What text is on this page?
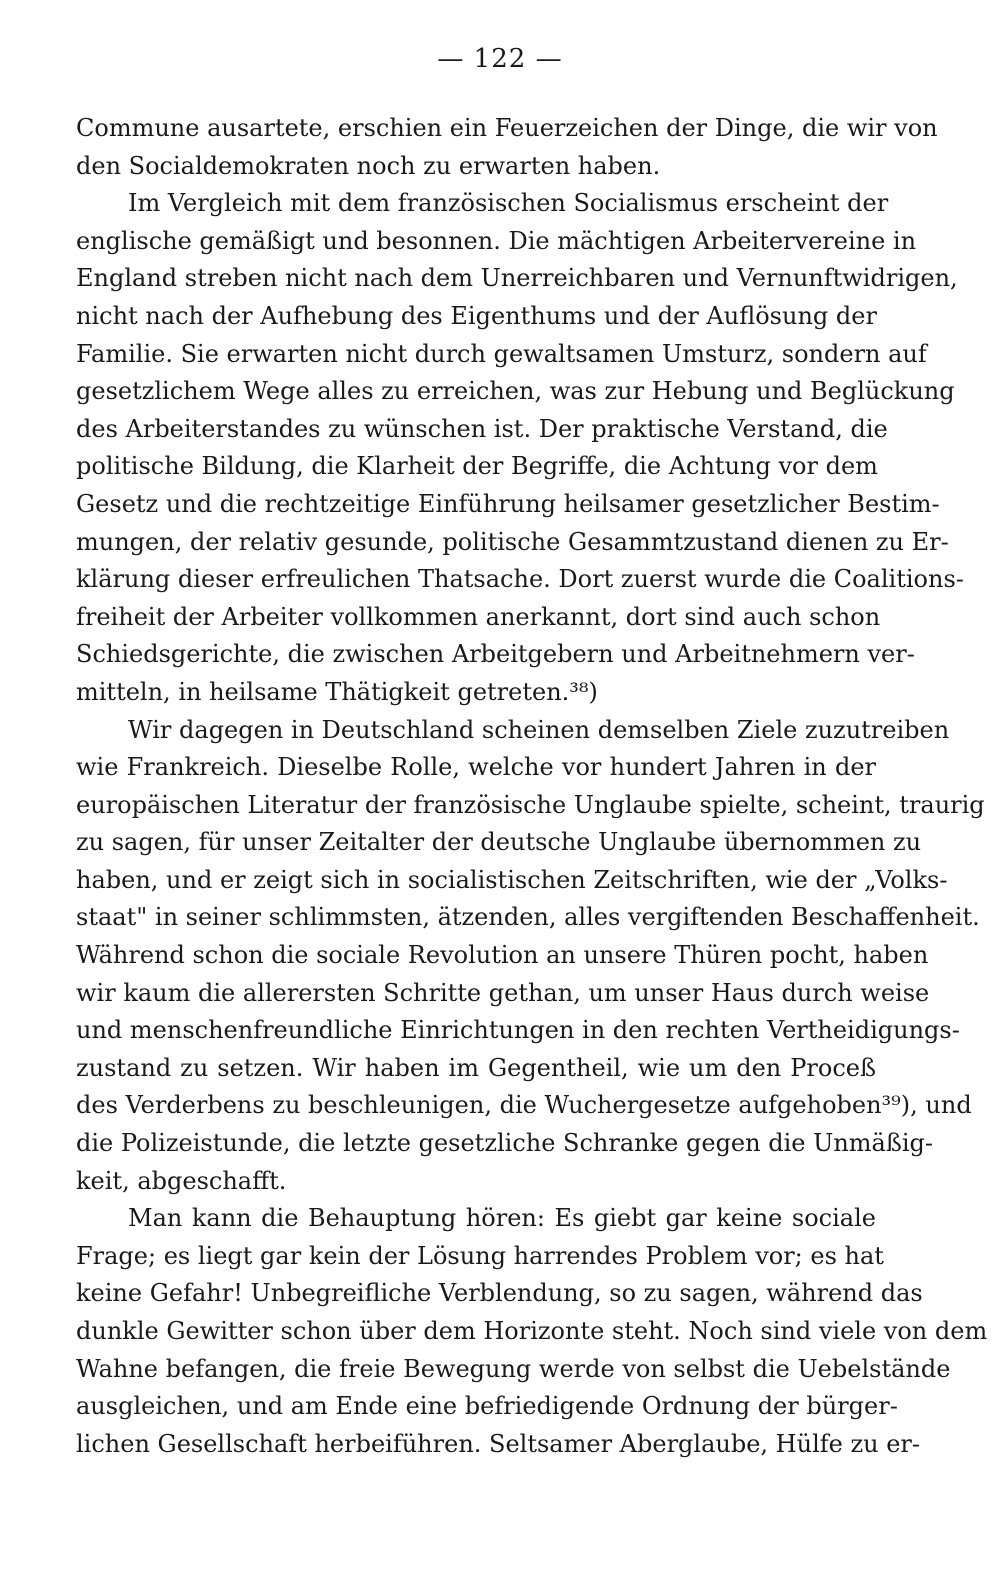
— 122 —
Commune ausartete, erschien ein Feuerzeichen der Dinge, die wir von
den Socialdemokraten noch zu erwarten haben.
Im Vergleich mit dem französischen Socialismus erscheint der
englische gemäßigt und besonnen. Die mächtigen Arbeitervereine in
England streben nicht nach dem Unerreichbaren und Vernunftwidrigen,
nicht nach der Aufhebung des Eigenthums und der Auflösung der
Familie. Sie erwarten nicht durch gewaltsamen Umsturz, sondern auf
gesetzlichem Wege alles zu erreichen, was zur Hebung und Beglückung
des Arbeiterstandes zu wünschen ist. Der praktische Verstand, die
politische Bildung, die Klarheit der Begriffe, die Achtung vor dem
Gesetz und die rechtzeitige Einführung heilsamer gesetzlicher Bestim-
mungen, der relativ gesunde, politische Gesammtzustand dienen zu Er-
klärung dieser erfreulichen Thatsache. Dort zuerst wurde die Coalitions-
freiheit der Arbeiter vollkommen anerkannt, dort sind auch schon
Schiedsgerichte, die zwischen Arbeitgebern und Arbeitnehmern ver-
mitteln, in heilsame Thätigkeit getreten.³⁸)
Wir dagegen in Deutschland scheinen demselben Ziele zuzutreiben
wie Frankreich. Dieselbe Rolle, welche vor hundert Jahren in der
europäischen Literatur der französische Unglaube spielte, scheint, traurig
zu sagen, für unser Zeitalter der deutsche Unglaube übernommen zu
haben, und er zeigt sich in socialistischen Zeitschriften, wie der „Volks-
staat" in seiner schlimmsten, ätzenden, alles vergiftenden Beschaffenheit.
Während schon die sociale Revolution an unsere Thüren pocht, haben
wir kaum die allerersten Schritte gethan, um unser Haus durch weise
und menschenfreundliche Einrichtungen in den rechten Vertheidigungs-
zustand zu setzen. Wir haben im Gegentheil, wie um den Proceß
des Verderbens zu beschleunigen, die Wuchergesetze aufgehoben³⁹), und
die Polizeistunde, die letzte gesetzliche Schranke gegen die Unmäßig-
keit, abgeschafft.
Man kann die Behauptung hören: Es giebt gar keine sociale
Frage; es liegt gar kein der Lösung harrendes Problem vor; es hat
keine Gefahr! Unbegreifliche Verblendung, so zu sagen, während das
dunkle Gewitter schon über dem Horizonte steht. Noch sind viele von dem
Wahne befangen, die freie Bewegung werde von selbst die Uebelstände
ausgleichen, und am Ende eine befriedigende Ordnung der bürger-
lichen Gesellschaft herbeiführen. Seltsamer Aberglaube, Hülfe zu er-
